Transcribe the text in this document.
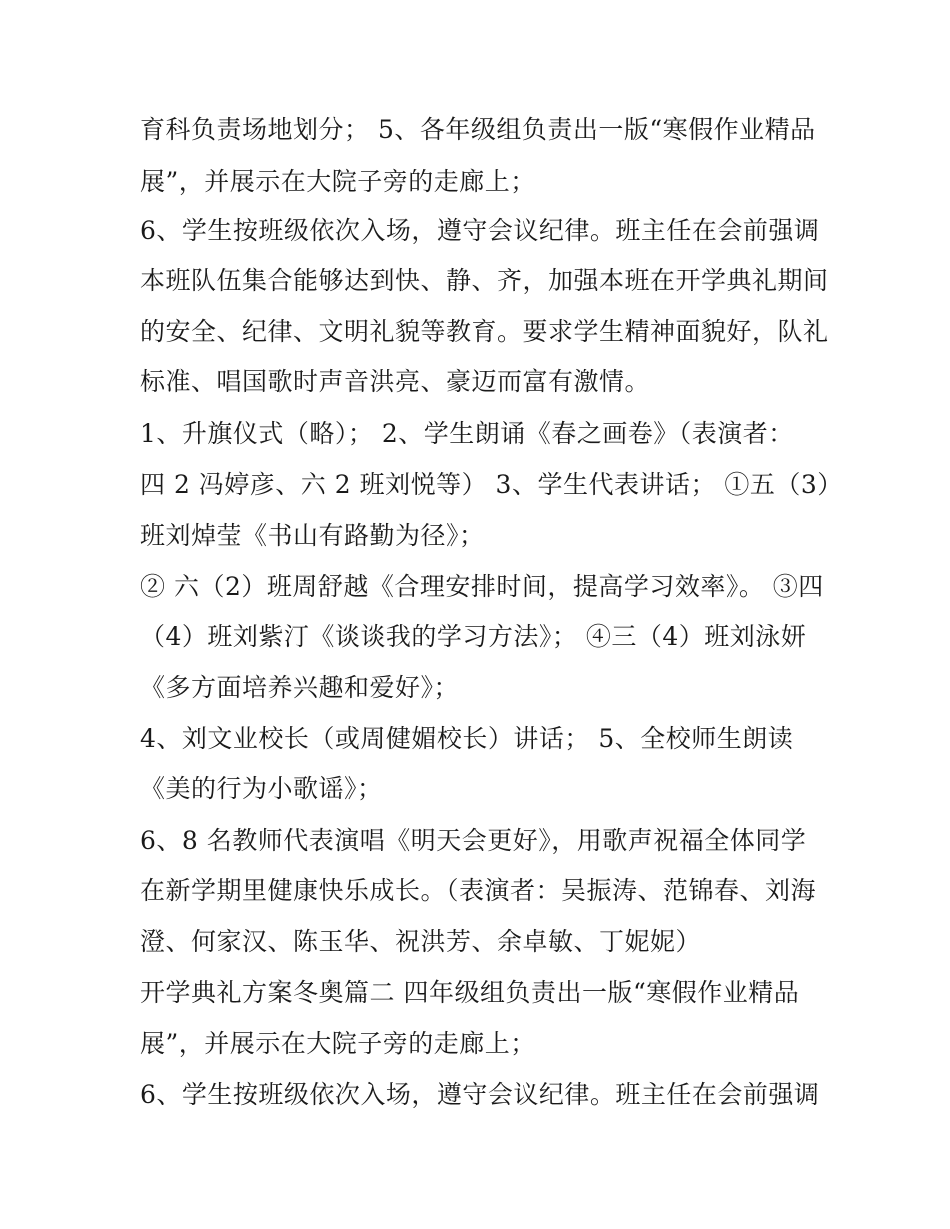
育科负责场地划分； 5、各年级组负责出一版“寒假作业精品
展”，并展示在大院子旁的走廊上；
6、学生按班级依次入场，遵守会议纪律。班主任在会前强调
本班队伍集合能够达到快、静、齐，加强本班在开学典礼期间
的安全、纪律、文明礼貌等教育。要求学生精神面貌好，队礼
标准、唱国歌时声音洪亮、豪迈而富有激情。
1、升旗仪式（略）； 2、学生朗诵《春之画卷》（表演者：
四 2 冯婷彦、六 2 班刘悦等） 3、学生代表讲话； ①五（3）
班刘焯莹《书山有路勤为径》；
② 六（2）班周舒越《合理安排时间，提高学习效率》。 ③四
（4）班刘紫汀《谈谈我的学习方法》； ④三（4）班刘泳妍
《多方面培养兴趣和爱好》；
4、刘文业校长（或周健媚校长）讲话； 5、全校师生朗读
《美的行为小歌谣》；
6、8 名教师代表演唱《明天会更好》，用歌声祝福全体同学
在新学期里健康快乐成长。（表演者：吴振涛、范锦春、刘海
澄、何家汉、陈玉华、祝洪芳、余卓敏、丁妮妮）
开学典礼方案冬奥篇二 四年级组负责出一版“寒假作业精品
展”，并展示在大院子旁的走廊上；
6、学生按班级依次入场，遵守会议纪律。班主任在会前强调
